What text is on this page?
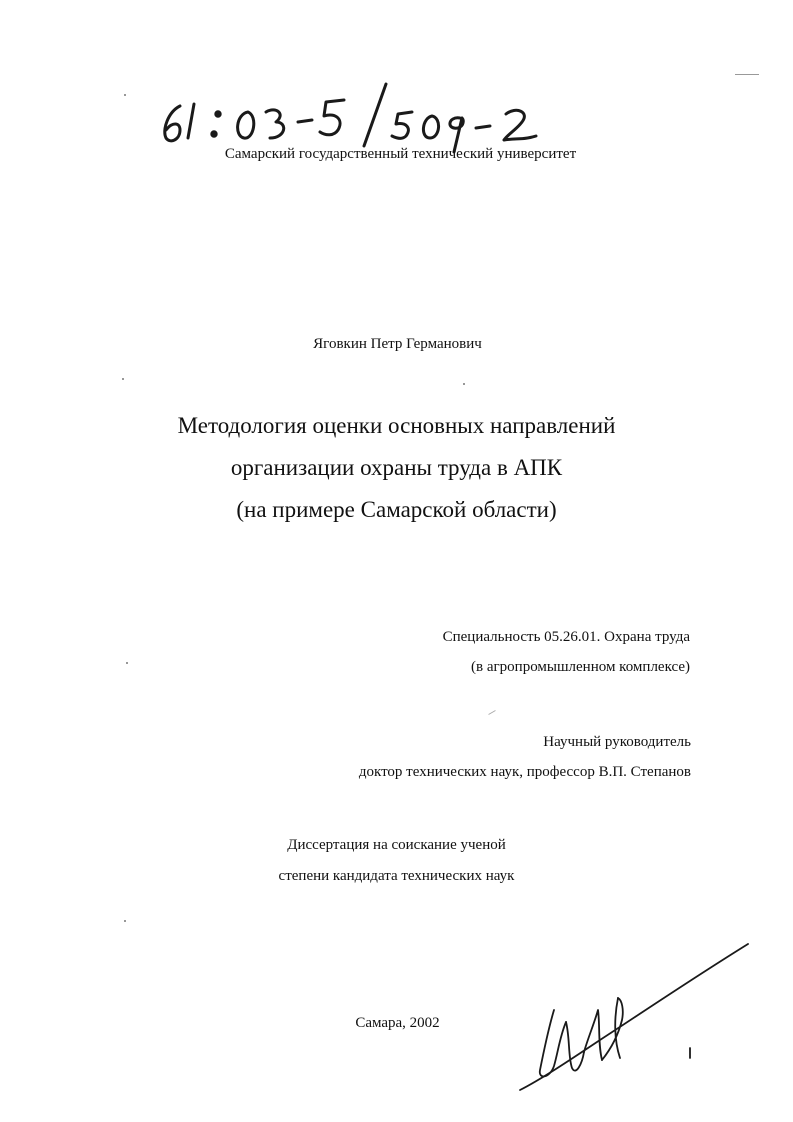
Самарский государственный технический университет
Яговкин Петр Германович
Методология оценки основных направлений
организации охраны труда в АПК
(на примере Самарской области)
Специальность 05.26.01. Охрана труда
(в агропромышленном комплексе)
Научный руководитель
доктор технических наук, профессор В.П. Степанов
Диссертация на соискание ученой
степени кандидата технических наук
Самара, 2002
